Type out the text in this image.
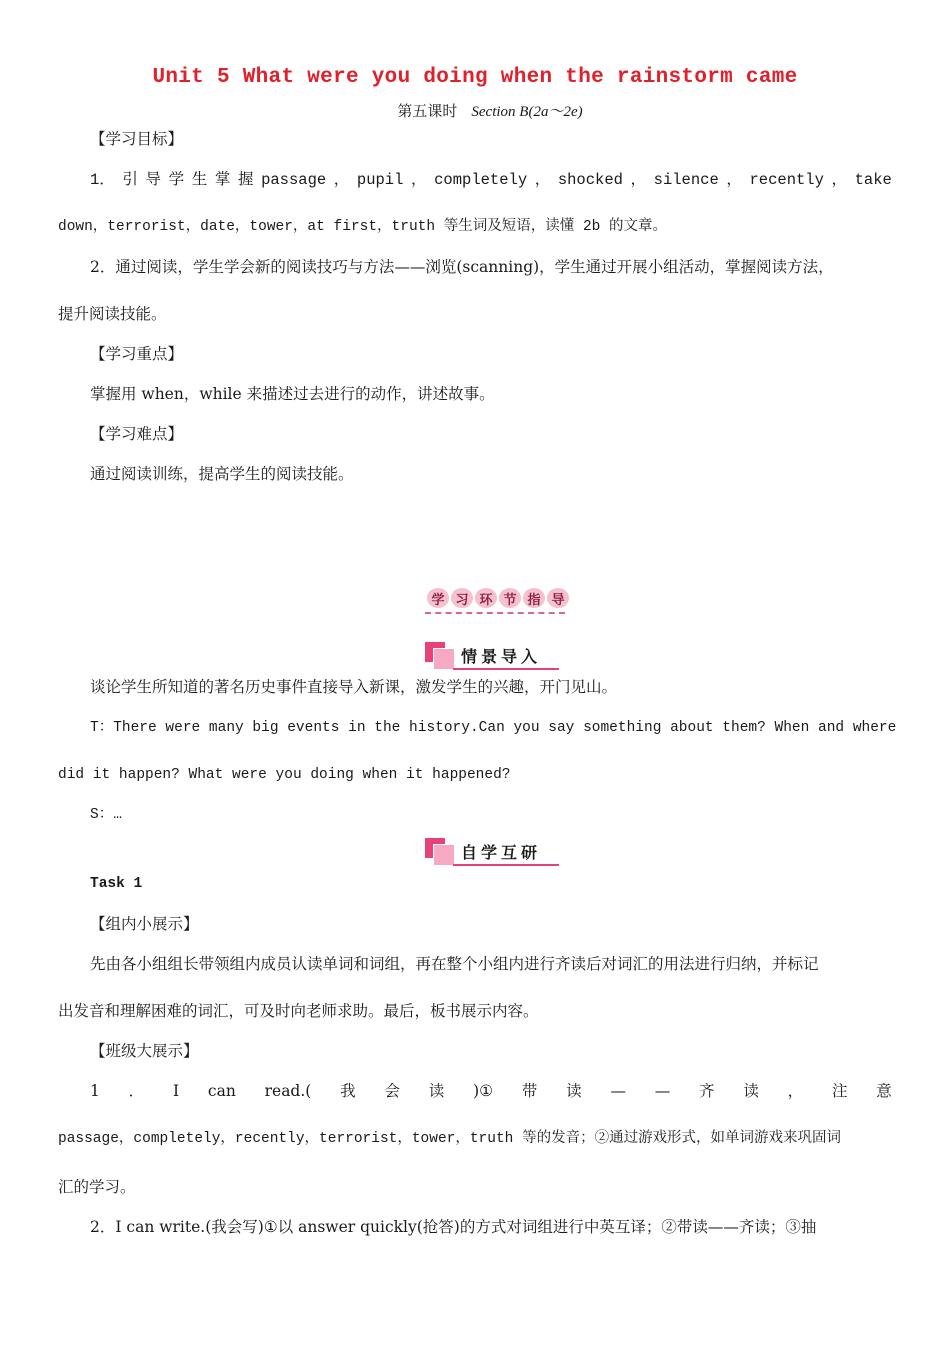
Unit 5 What were you doing when the rainstorm came
第五课时 Section B(2a～2e)
【学习目标】
1． 引 导 学 生 掌 握 passage ， pupil ， completely ， shocked ， silence ， recently ， take
down，terrorist，date，tower，at first，truth 等生词及短语，读懂 2b 的文章。
2．通过阅读，学生学会新的阅读技巧与方法——浏览(scanning)，学生通过开展小组活动，掌握阅读方法，
提升阅读技能。
【学习重点】
掌握用 when，while 来描述过去进行的动作，讲述故事。
【学习难点】
通过阅读训练，提高学生的阅读技能。
学 习 环 节 指 导
情景导入
谈论学生所知道的著名历史事件直接导入新课，激发学生的兴趣，开门见山。
T：There were many big events in the history.Can you say something about them? When and where
did it happen? What were you doing when it happened?
S：…
自学互研
Task 1
【组内小展示】
先由各小组组长带领组内成员认读单词和词组，再在整个小组内进行齐读后对词汇的用法进行归纳，并标记
出发音和理解困难的词汇，可及时向老师求助。最后，板书展示内容。
【班级大展示】
1 ． I can read.( 我 会 读 )① 带 读 — — 齐 读 ， 注 意
passage，completely，recently，terrorist，tower，truth 等的发音；②通过游戏形式，如单词游戏来巩固词
汇的学习。
2．I can write.(我会写)①以 answer quickly(抢答)的方式对词组进行中英互译；②带读——齐读；③抽
